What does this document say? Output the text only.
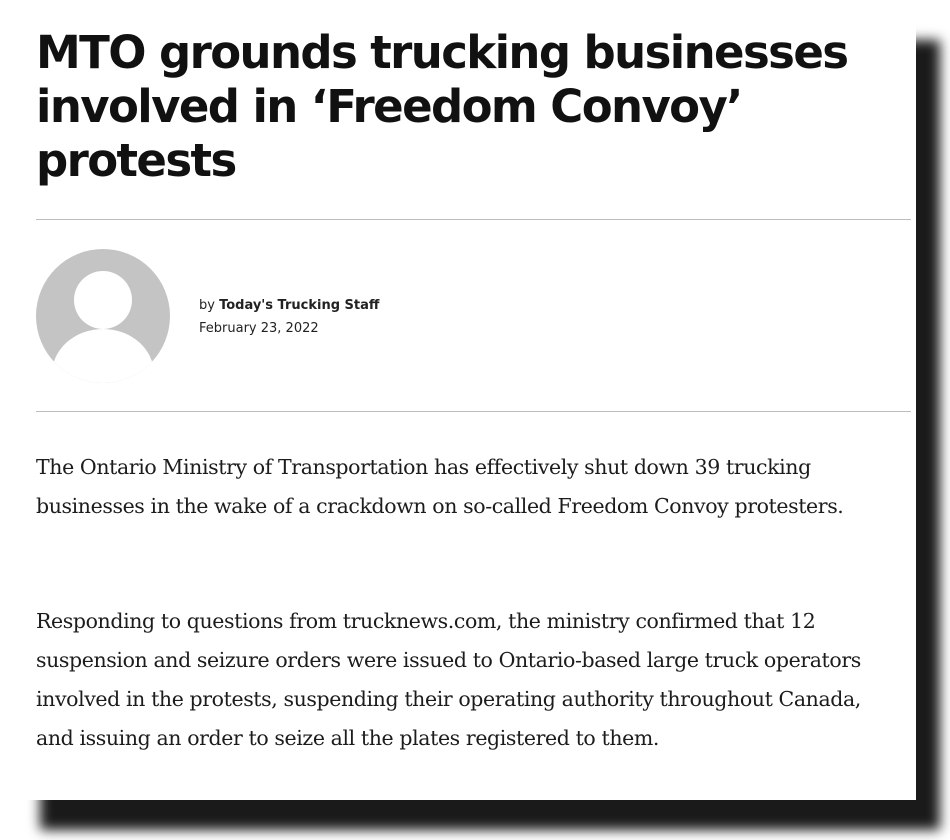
MTO grounds trucking businesses involved in ‘Freedom Convoy’ protests
by Today's Trucking Staff
February 23, 2022

The Ontario Ministry of Transportation has effectively shut down 39 trucking businesses in the wake of a crackdown on so-called Freedom Convoy protesters.

Responding to questions from trucknews.com, the ministry confirmed that 12 suspension and seizure orders were issued to Ontario-based large truck operators involved in the protests, suspending their operating authority throughout Canada, and issuing an order to seize all the plates registered to them.
